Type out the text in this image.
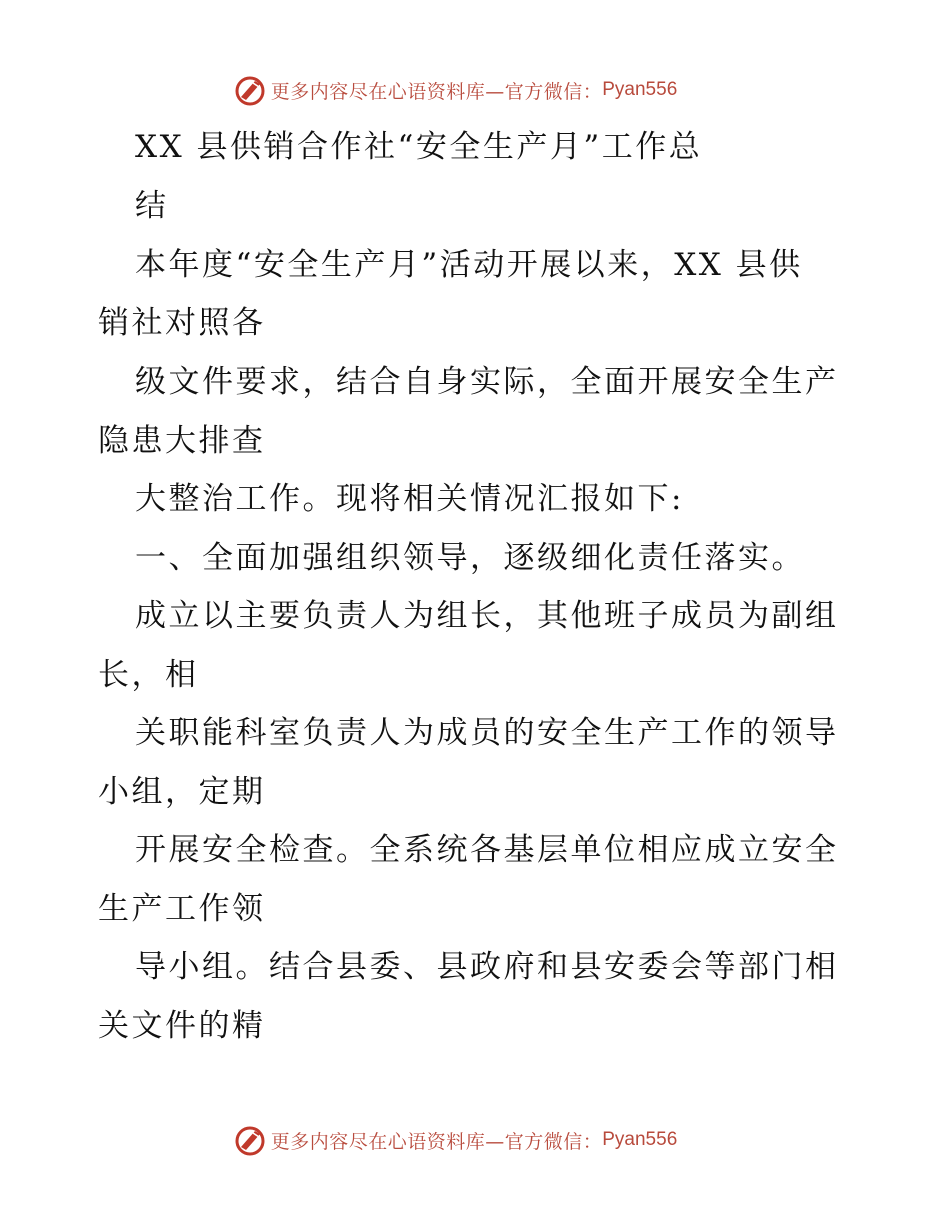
更多内容尽在心语资料库—官方微信： Pyan556
XX 县供销合作社“安全生产月”工作总
结
本年度“安全生产月”活动开展以来，XX 县供
销社对照各
级文件要求，结合自身实际，全面开展安全生产
隐患大排查
大整治工作。现将相关情况汇报如下:
一、全面加强组织领导，逐级细化责任落实。
成立以主要负责人为组长，其他班子成员为副组
长，相
关职能科室负责人为成员的安全生产工作的领导
小组，定期
开展安全检查。全系统各基层单位相应成立安全
生产工作领
导小组。结合县委、县政府和县安委会等部门相
关文件的精
更多内容尽在心语资料库—官方微信： Pyan556
